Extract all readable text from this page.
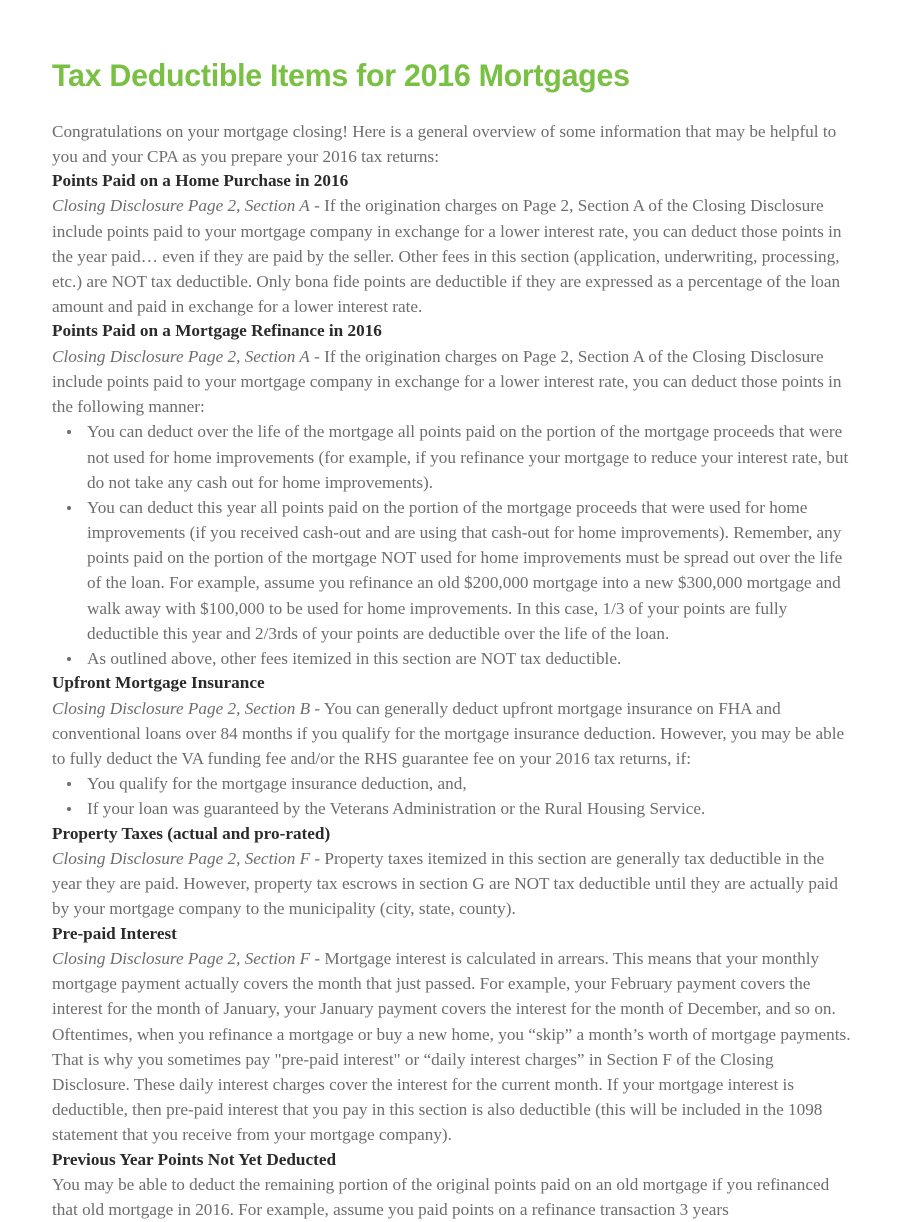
Tax Deductible Items for 2016 Mortgages

Congratulations on your mortgage closing! Here is a general overview of some information that may be helpful to you and your CPA as you prepare your 2016 tax returns:

Points Paid on a Home Purchase in 2016

Closing Disclosure Page 2, Section A - If the origination charges on Page 2, Section A of the Closing Disclosure include points paid to your mortgage company in exchange for a lower interest rate, you can deduct those points in the year paid… even if they are paid by the seller. Other fees in this section (application, underwriting, processing, etc.) are NOT tax deductible. Only bona fide points are deductible if they are expressed as a percentage of the loan amount and paid in exchange for a lower interest rate.

Points Paid on a Mortgage Refinance in 2016

Closing Disclosure Page 2, Section A - If the origination charges on Page 2, Section A of the Closing Disclosure include points paid to your mortgage company in exchange for a lower interest rate, you can deduct those points in the following manner:

You can deduct over the life of the mortgage all points paid on the portion of the mortgage proceeds that were not used for home improvements (for example, if you refinance your mortgage to reduce your interest rate, but do not take any cash out for home improvements).
You can deduct this year all points paid on the portion of the mortgage proceeds that were used for home improvements (if you received cash-out and are using that cash-out for home improvements). Remember, any points paid on the portion of the mortgage NOT used for home improvements must be spread out over the life of the loan. For example, assume you refinance an old $200,000 mortgage into a new $300,000 mortgage and walk away with $100,000 to be used for home improvements. In this case, 1/3 of your points are fully deductible this year and 2/3rds of your points are deductible over the life of the loan.
As outlined above, other fees itemized in this section are NOT tax deductible.
Upfront Mortgage Insurance

Closing Disclosure Page 2, Section B - You can generally deduct upfront mortgage insurance on FHA and conventional loans over 84 months if you qualify for the mortgage insurance deduction. However, you may be able to fully deduct the VA funding fee and/or the RHS guarantee fee on your 2016 tax returns, if:

You qualify for the mortgage insurance deduction, and,
If your loan was guaranteed by the Veterans Administration or the Rural Housing Service.
Property Taxes (actual and pro-rated)

Closing Disclosure Page 2, Section F - Property taxes itemized in this section are generally tax deductible in the year they are paid. However, property tax escrows in section G are NOT tax deductible until they are actually paid by your mortgage company to the municipality (city, state, county).

Pre-paid Interest

Closing Disclosure Page 2, Section F - Mortgage interest is calculated in arrears. This means that your monthly mortgage payment actually covers the month that just passed. For example, your February payment covers the interest for the month of January, your January payment covers the interest for the month of December, and so on. Oftentimes, when you refinance a mortgage or buy a new home, you “skip” a month’s worth of mortgage payments. That is why you sometimes pay "pre-paid interest" or “daily interest charges” in Section F of the Closing Disclosure. These daily interest charges cover the interest for the current month. If your mortgage interest is deductible, then pre-paid interest that you pay in this section is also deductible (this will be included in the 1098 statement that you receive from your mortgage company).

Previous Year Points Not Yet Deducted

You may be able to deduct the remaining portion of the original points paid on an old mortgage if you refinanced that old mortgage in 2016. For example, assume you paid points on a refinance transaction 3 years
